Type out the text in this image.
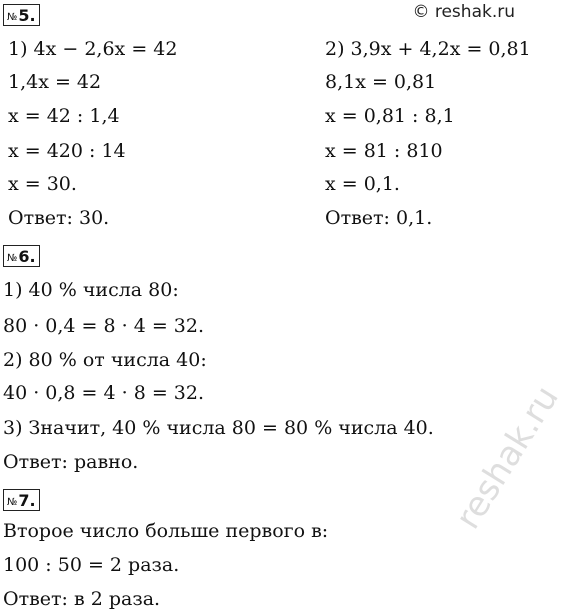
© reshak.ru
№5.
1) 4x − 2,6x = 42
1,4x = 42
x = 42 : 1,4
x = 420 : 14
x = 30.
Ответ: 30.
2) 3,9x + 4,2x = 0,81
8,1x = 0,81
x = 0,81 : 8,1
x = 81 : 810
x = 0,1.
Ответ: 0,1.
№6.
1) 40 % числа 80:
80 · 0,4 = 8 · 4 = 32.
2) 80 % от числа 40:
40 · 0,8 = 4 · 8 = 32.
3) Значит, 40 % числа 80 = 80 % числа 40.
Ответ: равно.
№7.
Второе число больше первого в:
100 : 50 = 2 раза.
Ответ: в 2 раза.
reshak.ru
